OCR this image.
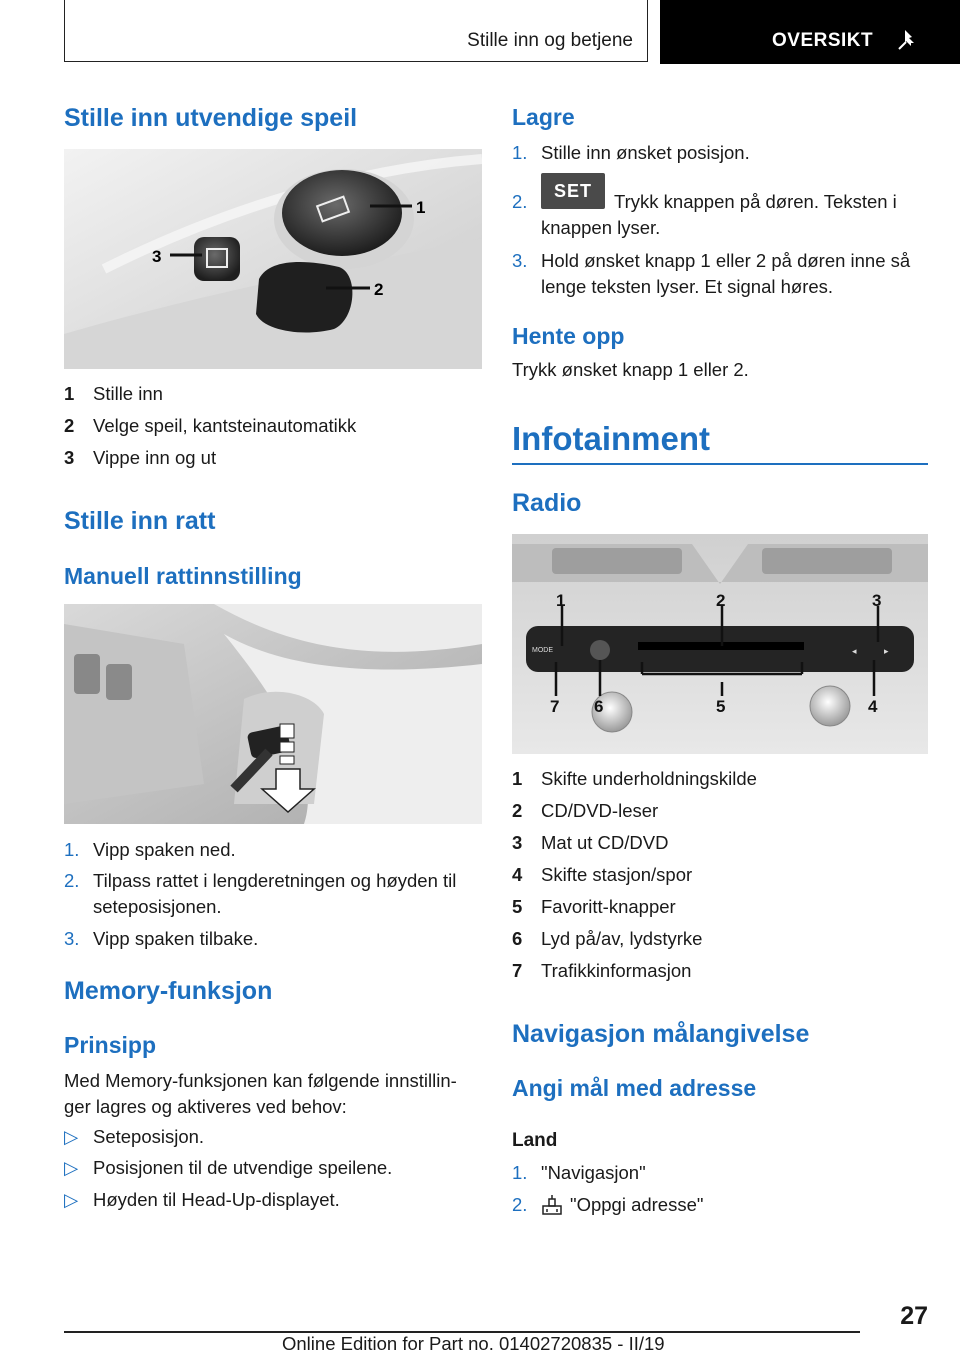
Stille inn og betjene	OVERSIKT
Stille inn utvendige speil
1
2
3
1 Stille inn
2 Velge speil, kantsteinautomatikk
3 Vippe inn og ut
Stille inn ratt
Manuell rattinnstilling
1. Vipp spaken ned.
2. Tilpass rattet i lengderetningen og høyden til
seteposisjonen.
3. Vipp spaken tilbake.
Memory-funksjon
Prinsipp
Med Memory-funksjonen kan følgende innstillin-
ger lagres og aktiveres ved behov:
▷ Seteposisjon.
▷ Posisjonen til de utvendige speilene.
▷ Høyden til Head-Up-displayet.
Lagre
1. Stille inn ønsket posisjon.
2.	SET	Trykk knappen på døren. Teksten i
knappen lyser.
3. Hold ønsket knapp 1 eller 2 på døren inne så
lenge teksten lyser. Et signal høres.
Hente opp
Trykk ønsket knapp 1 eller 2.
Infotainment
Radio
MODE	◂	▸
1	2	3
4
5
6
7
1 Skifte underholdningskilde
2 CD/DVD-leser
3 Mat ut CD/DVD
4 Skifte stasjon/spor
5 Favoritt-knapper
6 Lyd på/av, lydstyrke
7 Trafikkinformasjon
Navigasjon målangivelse
Angi mål med adresse
Land
1. "Navigasjon"
2. "Oppgi adresse"
27
Online Edition for Part no. 01402720835 - II/19
